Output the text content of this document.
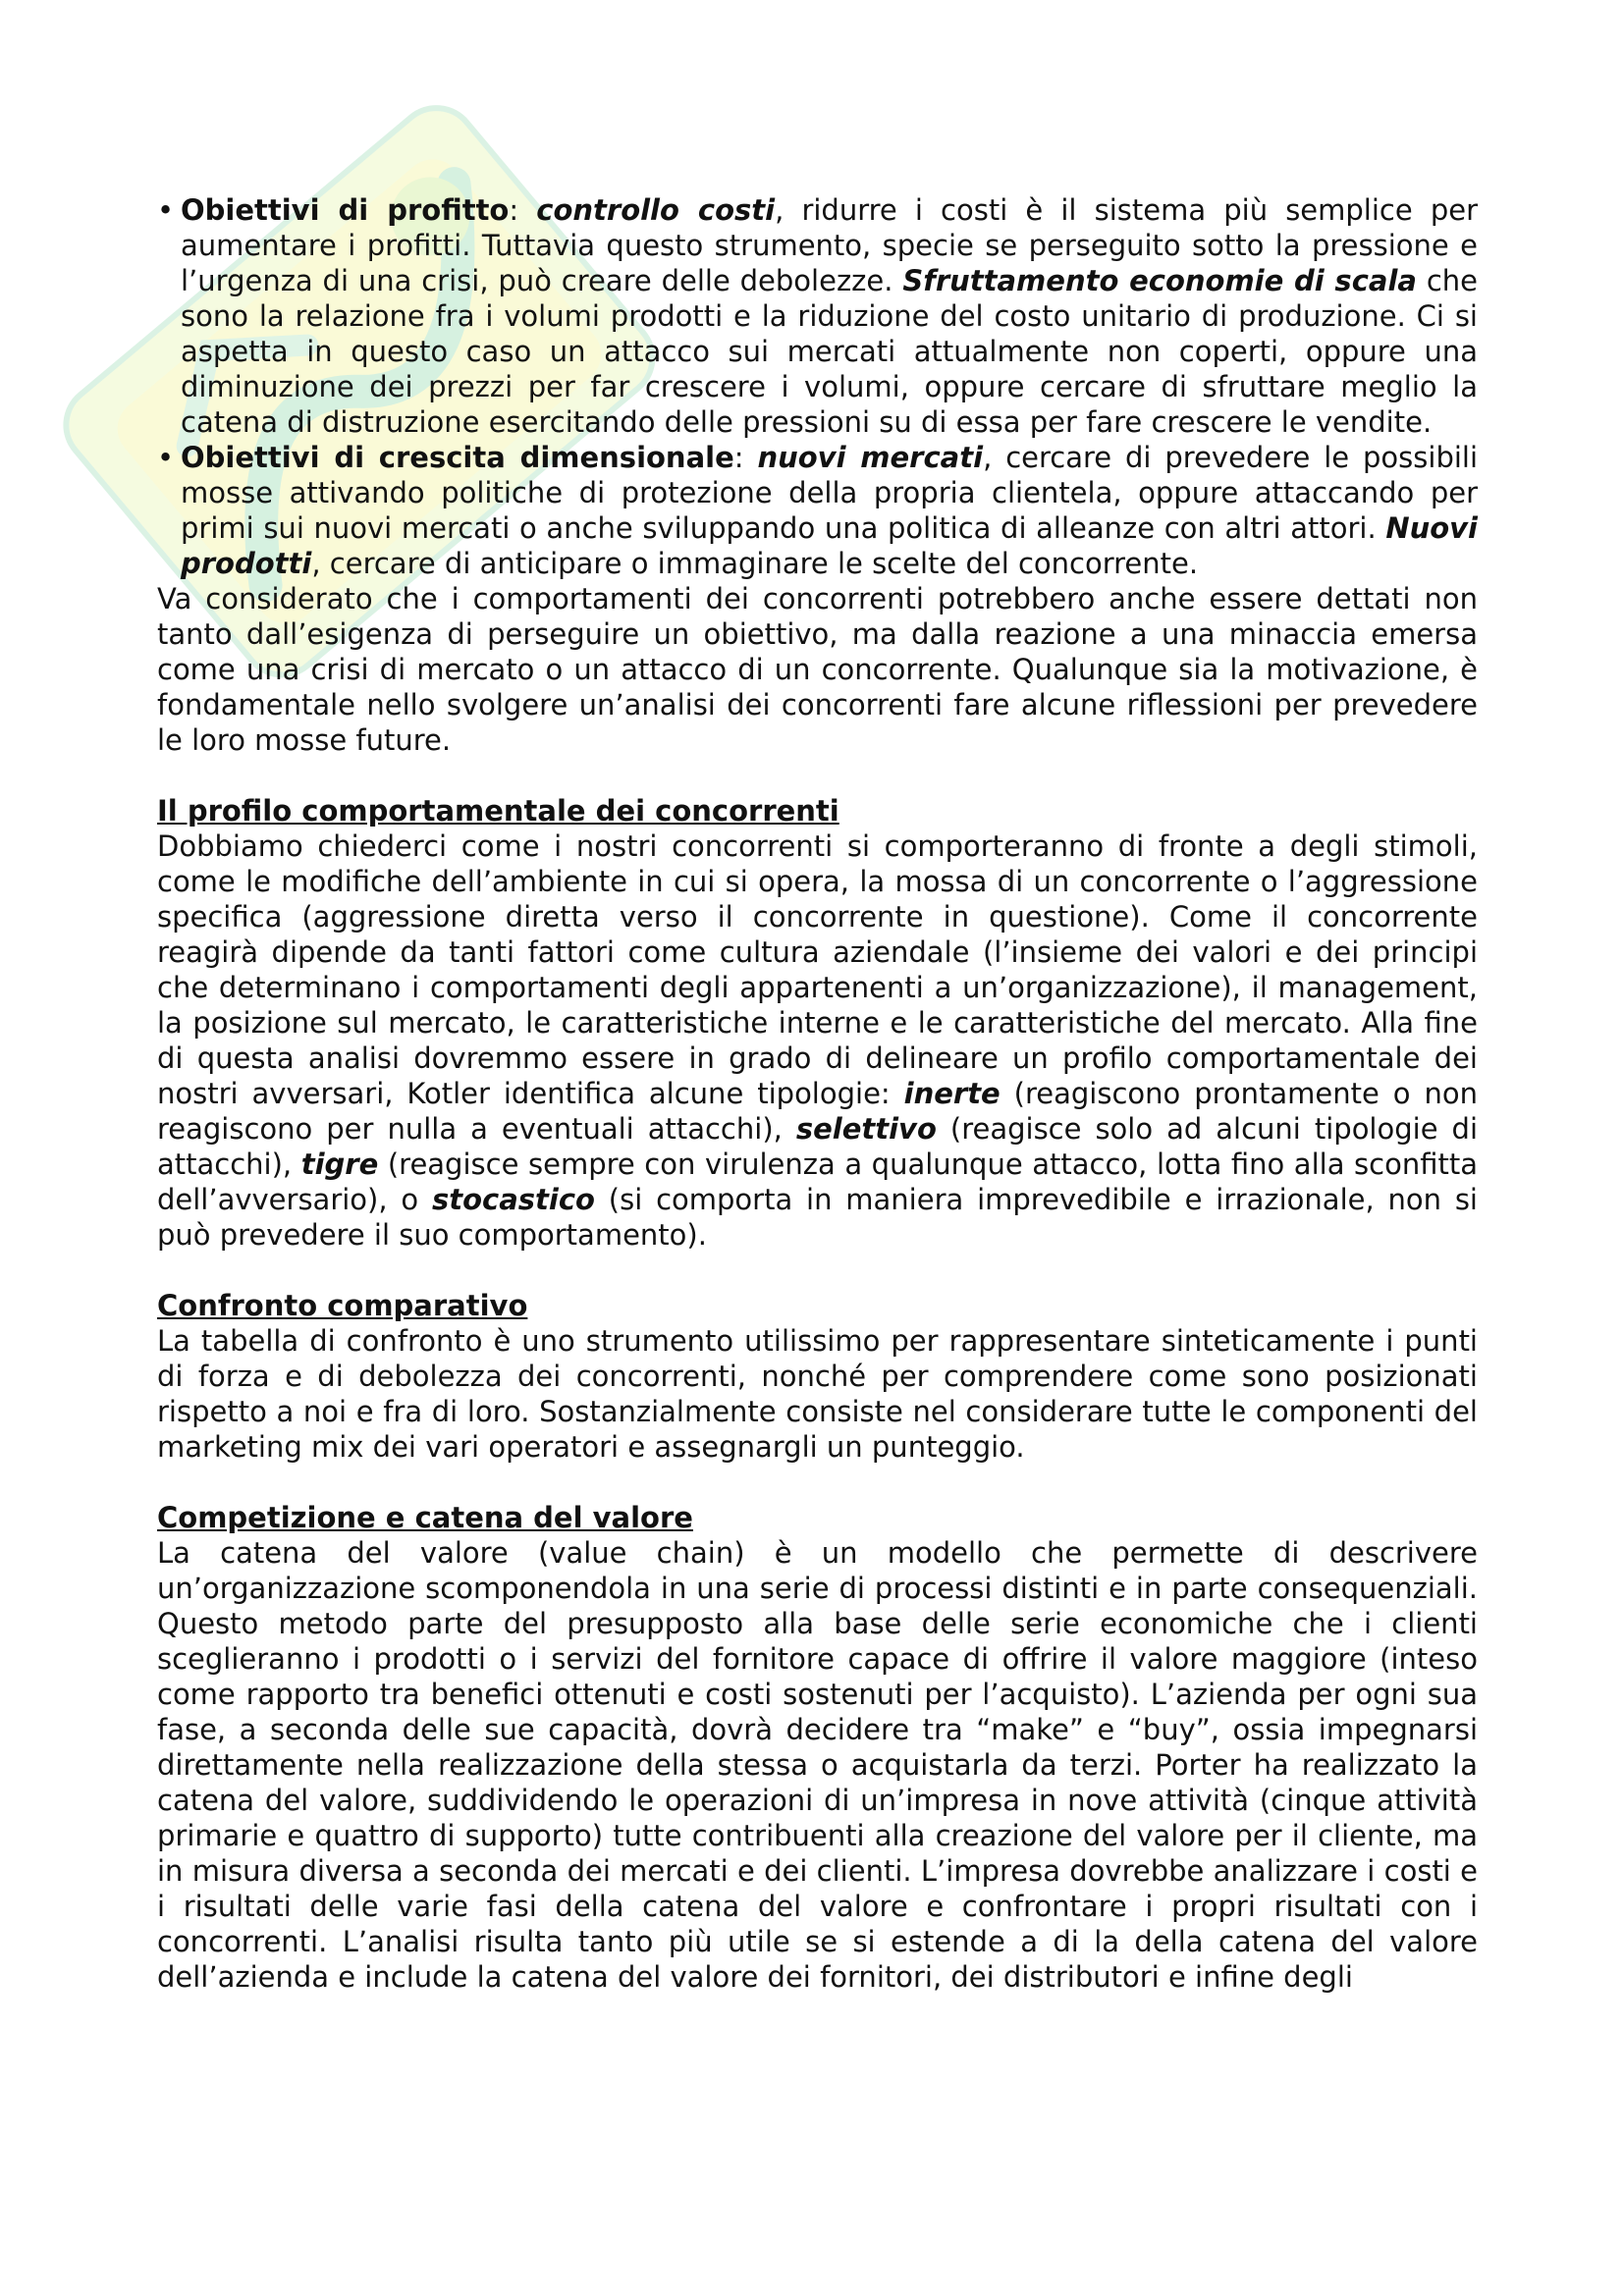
• Obiettivi di profitto: controllo costi, ridurre i costi è il sistema più semplice per aumentare i profitti. Tuttavia questo strumento, specie se perseguito sotto la pressione e l’urgenza di una crisi, può creare delle debolezze. Sfruttamento economie di scala che sono la relazione fra i volumi prodotti e la riduzione del costo unitario di produzione. Ci si aspetta in questo caso un attacco sui mercati attualmente non coperti, oppure una diminuzione dei prezzi per far crescere i volumi, oppure cercare di sfruttare meglio la catena di distruzione esercitando delle pressioni su di essa per fare crescere le vendite.
• Obiettivi di crescita dimensionale: nuovi mercati, cercare di prevedere le possibili mosse attivando politiche di protezione della propria clientela, oppure attaccando per primi sui nuovi mercati o anche sviluppando una politica di alleanze con altri attori. Nuovi prodotti, cercare di anticipare o immaginare le scelte del concorrente.

Va considerato che i comportamenti dei concorrenti potrebbero anche essere dettati non tanto dall’esigenza di perseguire un obiettivo, ma dalla reazione a una minaccia emersa come una crisi di mercato o un attacco di un concorrente. Qualunque sia la motivazione, è fondamentale nello svolgere un’analisi dei concorrenti fare alcune riflessioni per prevedere le loro mosse future.

Il profilo comportamentale dei concorrenti

Dobbiamo chiederci come i nostri concorrenti si comporteranno di fronte a degli stimoli, come le modifiche dell’ambiente in cui si opera, la mossa di un concorrente o l’aggressione specifica (aggressione diretta verso il concorrente in questione). Come il concorrente reagirà dipende da tanti fattori come cultura aziendale (l’insieme dei valori e dei principi che determinano i comportamenti degli appartenenti a un’organizzazione), il management, la posizione sul mercato, le caratteristiche interne e le caratteristiche del mercato. Alla fine di questa analisi dovremmo essere in grado di delineare un profilo comportamentale dei nostri avversari, Kotler identifica alcune tipologie: inerte (reagiscono prontamente o non reagiscono per nulla a eventuali attacchi), selettivo (reagisce solo ad alcuni tipologie di attacchi), tigre (reagisce sempre con virulenza a qualunque attacco, lotta fino alla sconfitta dell’avversario), o stocastico (si comporta in maniera imprevedibile e irrazionale, non si può prevedere il suo comportamento).

Confronto comparativo

La tabella di confronto è uno strumento utilissimo per rappresentare sinteticamente i punti di forza e di debolezza dei concorrenti, nonché per comprendere come sono posizionati rispetto a noi e fra di loro. Sostanzialmente consiste nel considerare tutte le componenti del marketing mix dei vari operatori e assegnargli un punteggio.

Competizione e catena del valore

La catena del valore (value chain) è un modello che permette di descrivere un’organizzazione scomponendola in una serie di processi distinti e in parte consequenziali. Questo metodo parte del presupposto alla base delle serie economiche che i clienti sceglieranno i prodotti o i servizi del fornitore capace di offrire il valore maggiore (inteso come rapporto tra benefici ottenuti e costi sostenuti per l’acquisto). L’azienda per ogni sua fase, a seconda delle sue capacità, dovrà decidere tra “make” e “buy”, ossia impegnarsi direttamente nella realizzazione della stessa o acquistarla da terzi. Porter ha realizzato la catena del valore, suddividendo le operazioni di un’impresa in nove attività (cinque attività primarie e quattro di supporto) tutte contribuenti alla creazione del valore per il cliente, ma in misura diversa a seconda dei mercati e dei clienti. L’impresa dovrebbe analizzare i costi e i risultati delle varie fasi della catena del valore e confrontare i propri risultati con i concorrenti. L’analisi risulta tanto più utile se si estende a di la della catena del valore dell’azienda e include la catena del valore dei fornitori, dei distributori e infine degli
